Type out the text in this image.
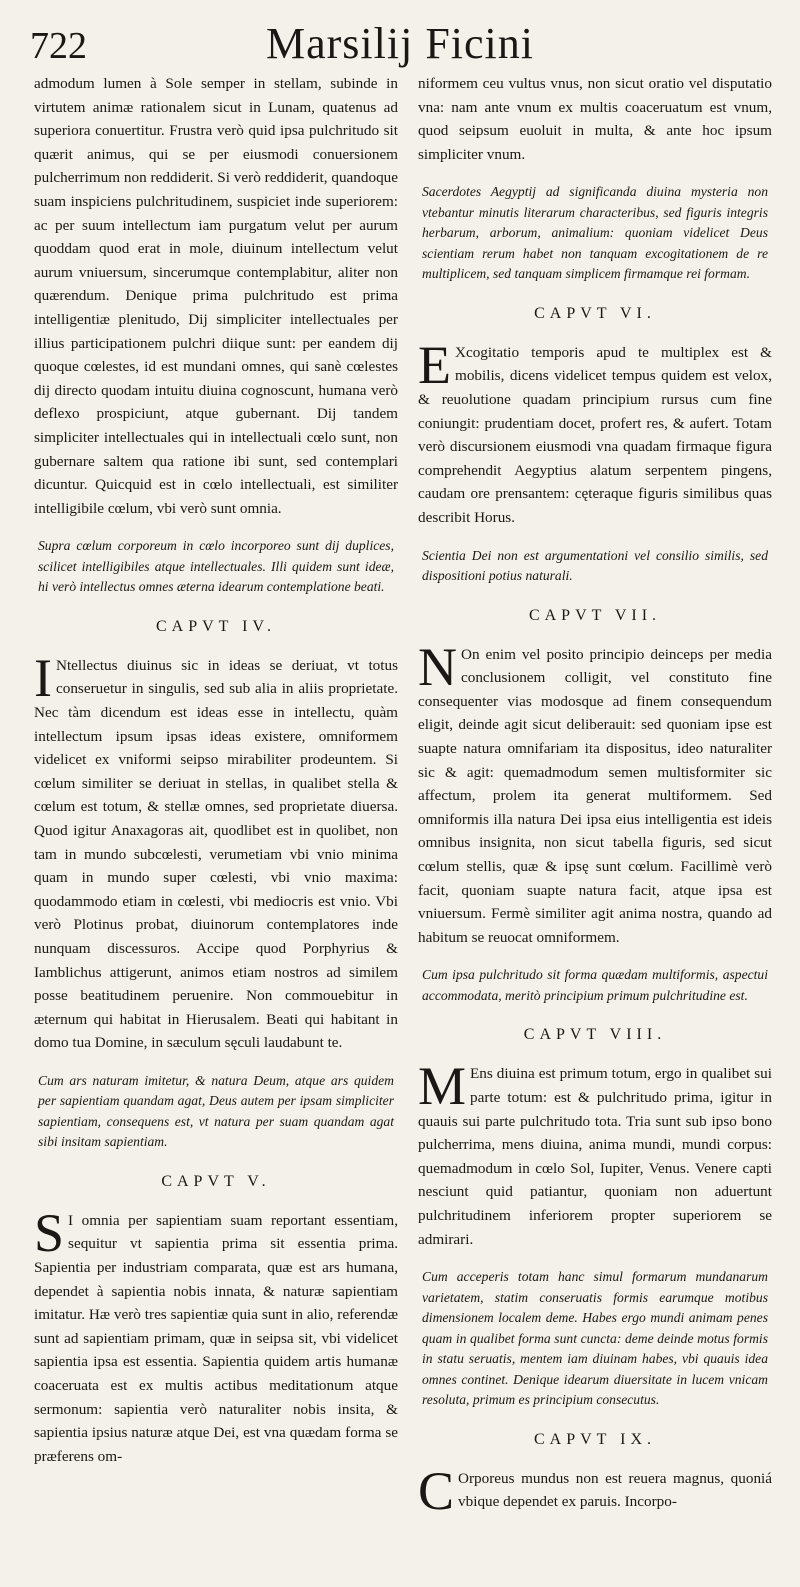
722	Marsilij Ficini

admodum lumen à Sole semper in stellam, subinde in virtutem animæ rationalem sicut in Lunam, quatenus ad superiora conuertitur. Frustra verò quid ipsa pulchritudo sit quærit animus, qui se per eiusmodi conuersionem pulcherrimum non reddiderit. Si verò reddiderit, quandoque suam inspiciens pulchritudinem, suspiciet inde superiorem: ac per suum intellectum iam purgatum velut per aurum quoddam quod erat in mole, diuinum intellectum velut aurum vniuersum, sincerumque contemplabitur, aliter non quærendum. Denique prima pulchritudo est prima intelligentiæ plenitudo, Dij simpliciter intellectuales per illius participationem pulchri diique sunt: per eandem dij quoque cœlestes, id est mundani omnes, qui sanè cœlestes dij directo quodam intuitu diuina cognoscunt, humana verò deflexo prospiciunt, atque gubernant. Dij tandem simpliciter intellectuales qui in intellectuali cœlo sunt, non gubernare saltem qua ratione ibi sunt, sed contemplari dicuntur. Quicquid est in cœlo intellectuali, est similiter intelligibile cœlum, vbi verò sunt omnia.

Supra cœlum corporeum in cœlo incorporeo sunt dij duplices, scilicet intelligibiles atque intellectuales. Illi quidem sunt ideæ, hi verò intellectus omnes æterna idearum contemplatione beati.

CAPVT IV.

I Ntellectus diuinus sic in ideas se deriuat, vt totus conseruetur in singulis, sed sub alia in aliis proprietate. Nec tàm dicendum est ideas esse in intellectu, quàm intellectum ipsum ipsas ideas existere, omniformem videlicet ex vniformi seipso mirabiliter prodeuntem. Si cœlum similiter se deriuat in stellas, in qualibet stella & cœlum est totum, & stellæ omnes, sed proprietate diuersa. Quod igitur Anaxagoras ait, quodlibet est in quolibet, non tam in mundo subcœlesti, verumetiam vbi vnio minima quam in mundo super cœlesti, vbi vnio maxima: quodammodo etiam in cœlesti, vbi mediocris est vnio. Vbi verò Plotinus probat, diuinorum contemplatores inde nunquam discessuros. Accipe quod Porphyrius & Iamblichus attigerunt, animos etiam nostros ad similem posse beatitudinem peruenire. Non commouebitur in æternum qui habitat in Hierusalem. Beati qui habitant in domo tua Domine, in sæculum sęculi laudabunt te.

Cum ars naturam imitetur, & natura Deum, atque ars quidem per sapientiam quandam agat, Deus autem per ipsam simpliciter sapientiam, consequens est, vt natura per suam quandam agat sibi insitam sapientiam.

CAPVT V.

S I omnia per sapientiam suam reportant essentiam, sequitur vt sapientia prima sit essentia prima. Sapientia per industriam comparata, quæ est ars humana, dependet à sapientia nobis innata, & naturæ sapientiam imitatur. Hæ verò tres sapientiæ quia sunt in alio, referendæ sunt ad sapientiam primam, quæ in seipsa sit, vbi videlicet sapientia ipsa est essentia. Sapientia quidem artis humanæ coaceruata est ex multis actibus meditationum atque sermonum: sapientia verò naturaliter nobis insita, & sapientia ipsius naturæ atque Dei, est vna quædam forma se præferens om-

niformem ceu vultus vnus, non sicut oratio vel disputatio vna: nam ante vnum ex multis coaceruatum est vnum, quod seipsum euoluit in multa, & ante hoc ipsum simpliciter vnum.

Sacerdotes Aegyptij ad significanda diuina mysteria non vtebantur minutis literarum characteribus, sed figuris integris herbarum, arborum, animalium: quoniam videlicet Deus scientiam rerum habet non tanquam excogitationem de re multiplicem, sed tanquam simplicem firmamque rei formam.

CAPVT VI.

E Xcogitatio temporis apud te multiplex est & mobilis, dicens videlicet tempus quidem est velox, & reuolutione quadam principium rursus cum fine coniungit: prudentiam docet, profert res, & aufert. Totam verò discursionem eiusmodi vna quadam firmaque figura comprehendit Aegyptius alatum serpentem pingens, caudam ore prensantem: cęteraque figuris similibus quas describit Horus.

Scientia Dei non est argumentationi vel consilio similis, sed dispositioni potius naturali.

CAPVT VII.

N On enim vel posito principio deinceps per media conclusionem colligit, vel constituto fine consequenter vias modosque ad finem consequendum eligit, deinde agit sicut deliberauit: sed quoniam ipse est suapte natura omnifariam ita dispositus, ideo naturaliter sic & agit: quemadmodum semen multisformiter sic affectum, prolem ita generat multiformem. Sed omniformis illa natura Dei ipsa eius intelligentia est ideis omnibus insignita, non sicut tabella figuris, sed sicut cœlum stellis, quæ & ipsę sunt cœlum. Facillimè verò facit, quoniam suapte natura facit, atque ipsa est vniuersum. Fermè similiter agit anima nostra, quando ad habitum se reuocat omniformem.

Cum ipsa pulchritudo sit forma quædam multiformis, aspectui accommodata, meritò principium primum pulchritudine est.

CAPVT VIII.

M Ens diuina est primum totum, ergo in qualibet sui parte totum: est & pulchritudo prima, igitur in quauis sui parte pulchritudo tota. Tria sunt sub ipso bono pulcherrima, mens diuina, anima mundi, mundi corpus: quemadmodum in cœlo Sol, Iupiter, Venus. Venere capti nesciunt quid patiantur, quoniam non aduertunt pulchritudinem inferiorem propter superiorem se admirari.

Cum acceperis totam hanc simul formarum mundanarum varietatem, statim conseruatis formis earumque motibus dimensionem localem deme. Habes ergo mundi animam penes quam in qualibet forma sunt cuncta: deme deinde motus formis in statu seruatis, mentem iam diuinam habes, vbi quauis idea omnes continet. Denique idearum diuersitate in lucem vnicam resoluta, primum es principium consecutus.

CAPVT IX.

C Orporeus mundus non est reuera magnus, quoniá vbique dependet ex paruis. Incorpo-
